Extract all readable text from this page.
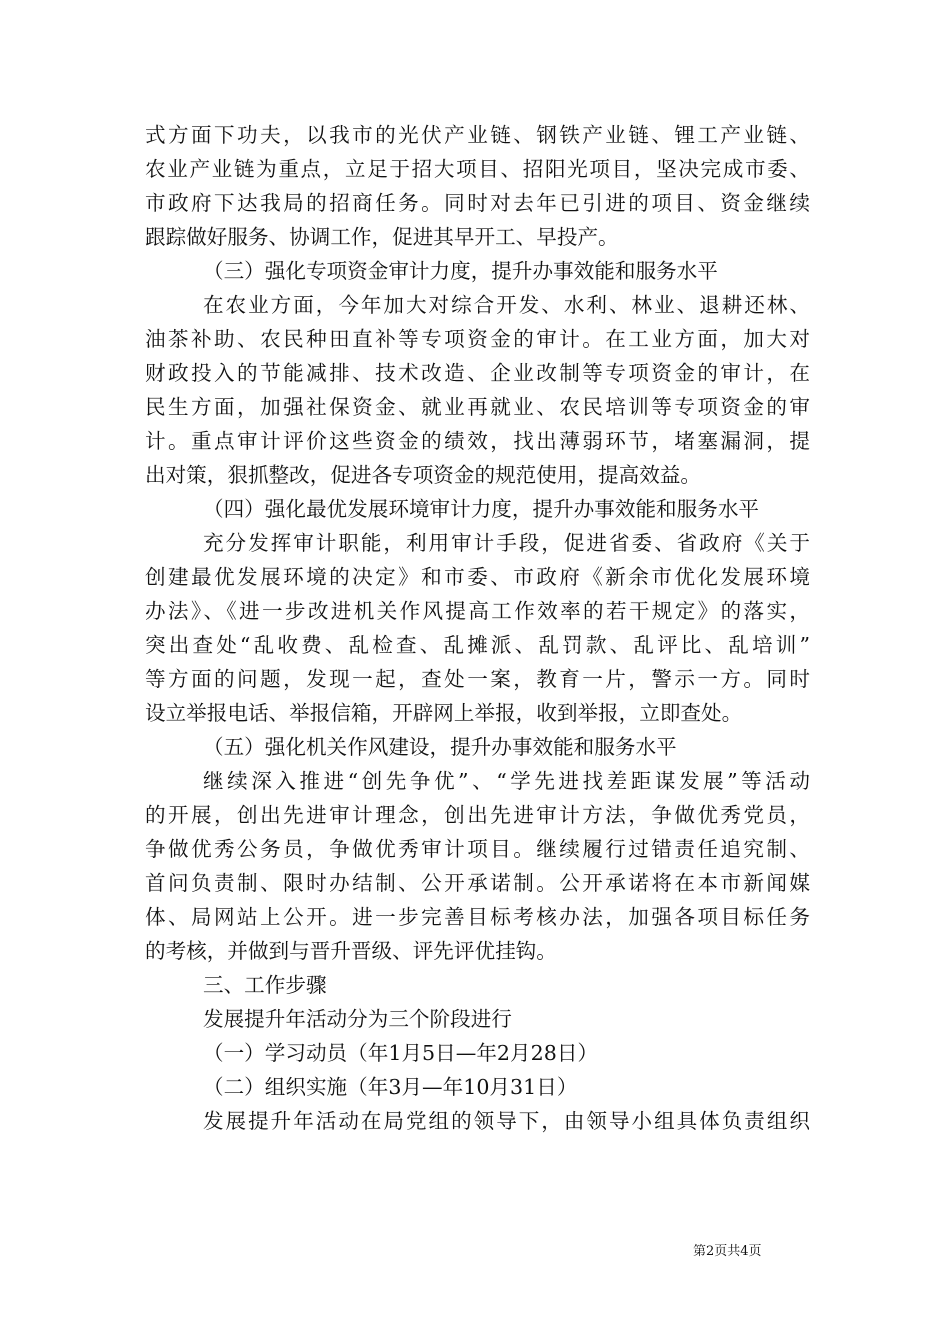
式方面下功夫，以我市的光伏产业链、钢铁产业链、锂工产业链、
农业产业链为重点，立足于招大项目、招阳光项目，坚决完成市委、
市政府下达我局的招商任务。同时对去年已引进的项目、资金继续
跟踪做好服务、协调工作，促进其早开工、早投产。
（三）强化专项资金审计力度，提升办事效能和服务水平
在农业方面，今年加大对综合开发、水利、林业、退耕还林、
油茶补助、农民种田直补等专项资金的审计。在工业方面，加大对
财政投入的节能减排、技术改造、企业改制等专项资金的审计，在
民生方面，加强社保资金、就业再就业、农民培训等专项资金的审
计。重点审计评价这些资金的绩效，找出薄弱环节，堵塞漏洞，提
出对策，狠抓整改，促进各专项资金的规范使用，提高效益。
（四）强化最优发展环境审计力度，提升办事效能和服务水平
充分发挥审计职能，利用审计手段，促进省委、省政府《关于
创建最优发展环境的决定》和市委、市政府《新余市优化发展环境
办法》、《进一步改进机关作风提高工作效率的若干规定》的落实，
突出查处“乱收费、乱检查、乱摊派、乱罚款、乱评比、乱培训”
等方面的问题，发现一起，查处一案，教育一片，警示一方。同时
设立举报电话、举报信箱，开辟网上举报，收到举报，立即查处。
（五）强化机关作风建设，提升办事效能和服务水平
继续深入推进“创先争优”、“学先进找差距谋发展”等活动
的开展，创出先进审计理念，创出先进审计方法，争做优秀党员，
争做优秀公务员，争做优秀审计项目。继续履行过错责任追究制、
首问负责制、限时办结制、公开承诺制。公开承诺将在本市新闻媒
体、局网站上公开。进一步完善目标考核办法，加强各项目标任务
的考核，并做到与晋升晋级、评先评优挂钩。
三、工作步骤
发展提升年活动分为三个阶段进行
（一）学习动员（年1月5日—年2月28日）
（二）组织实施（年3月—年10月31日）
发展提升年活动在局党组的领导下，由领导小组具体负责组织
第2页共4页
